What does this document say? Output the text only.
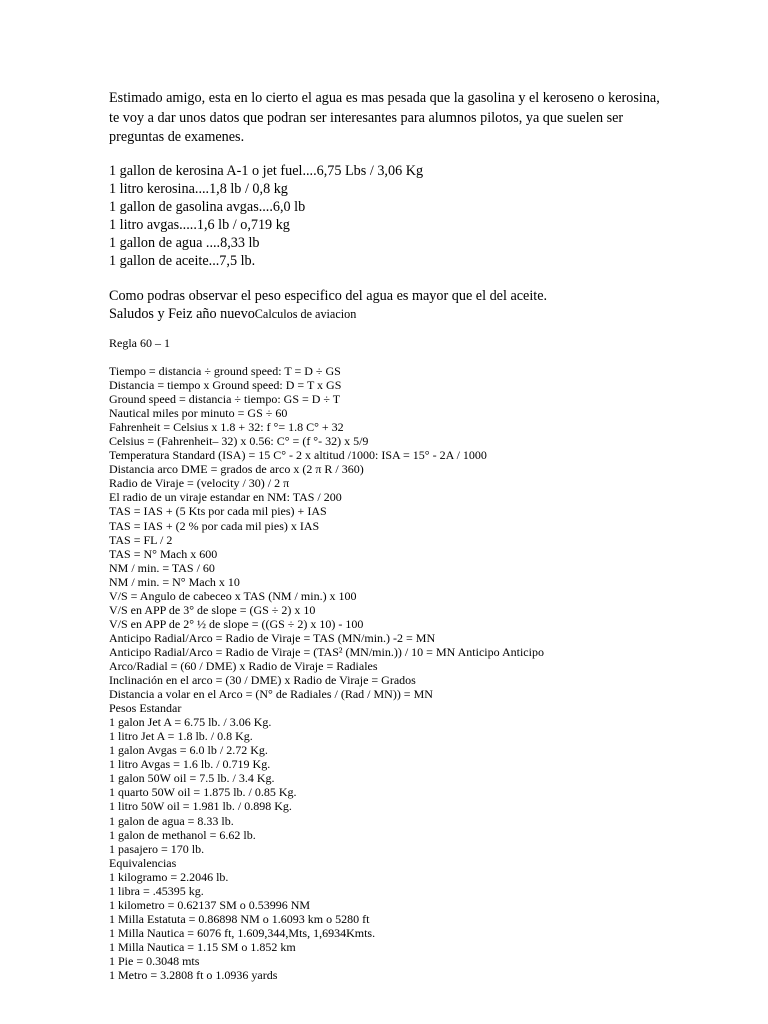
Estimado amigo, esta en lo cierto el agua es mas pesada que la gasolina y el keroseno o kerosina, te voy a dar unos datos que podran ser interesantes para alumnos pilotos, ya que suelen ser preguntas de examenes.

1 gallon de kerosina A-1 o jet fuel....6,75 Lbs / 3,06 Kg
1 litro kerosina....1,8 lb / 0,8 kg
1 gallon de gasolina avgas....6,0 lb
1 litro avgas.....1,6 lb / o,719 kg
1 gallon de agua ....8,33 lb
1 gallon de aceite...7,5 lb.
Como podras observar el peso especifico del agua es mayor que el del aceite.
Saludos y Feiz año nuevoCalculos de aviacion
Regla 60 – 1
Tiempo = distancia ÷ ground speed: T = D ÷ GS
Distancia = tiempo x Ground speed: D = T x GS
Ground speed = distancia ÷ tiempo: GS = D ÷ T
Nautical miles por minuto = GS ÷ 60
Fahrenheit = Celsius x 1.8 + 32: f °= 1.8 C° + 32
Celsius = (Fahrenheit– 32) x 0.56: C° = (f °- 32) x 5/9
Temperatura Standard (ISA) = 15 C° - 2 x altitud /1000: ISA = 15° - 2A / 1000
Distancia arco DME = grados de arco x (2 π R / 360)
Radio de Viraje = (velocity / 30) / 2 π
El radio de un viraje estandar en NM: TAS / 200
TAS = IAS + (5 Kts por cada mil pies) + IAS
TAS = IAS + (2 % por cada mil pies) x IAS
TAS = FL / 2
TAS = N° Mach x 600
NM / min. = TAS / 60
NM / min. = N° Mach x 10
V/S = Angulo de cabeceo x TAS (NM / min.) x 100
V/S en APP de 3° de slope = (GS ÷ 2) x 10
V/S en APP de 2° ½ de slope = ((GS ÷ 2) x 10) - 100
Anticipo Radial/Arco = Radio de Viraje = TAS (MN/min.) -2 = MN
Anticipo Radial/Arco = Radio de Viraje = (TAS² (MN/min.)) / 10 = MN Anticipo Anticipo
Arco/Radial = (60 / DME) x Radio de Viraje = Radiales
Inclinación en el arco = (30 / DME) x Radio de Viraje = Grados
Distancia a volar en el Arco = (N° de Radiales / (Rad / MN)) = MN
Pesos Estandar
1 galon Jet A = 6.75 lb. / 3.06 Kg.
1 litro Jet A = 1.8 lb. / 0.8 Kg.
1 galon Avgas = 6.0 lb / 2.72 Kg.
1 litro Avgas = 1.6 lb. / 0.719 Kg.
1 galon 50W oil = 7.5 lb. / 3.4 Kg.
1 quarto 50W oil = 1.875 lb. / 0.85 Kg.
1 litro 50W oil = 1.981 lb. / 0.898 Kg.
1 galon de agua = 8.33 lb.
1 galon de methanol = 6.62 lb.
1 pasajero = 170 lb.
Equivalencias
1 kilogramo = 2.2046 lb.
1 libra = .45395 kg.
1 kilometro = 0.62137 SM o 0.53996 NM
1 Milla Estatuta = 0.86898 NM o 1.6093 km o 5280 ft
1 Milla Nautica = 6076 ft, 1.609,344,Mts, 1,6934Kmts.
1 Milla Nautica = 1.15 SM o 1.852 km
1 Pie = 0.3048 mts
1 Metro = 3.2808 ft o 1.0936 yards
